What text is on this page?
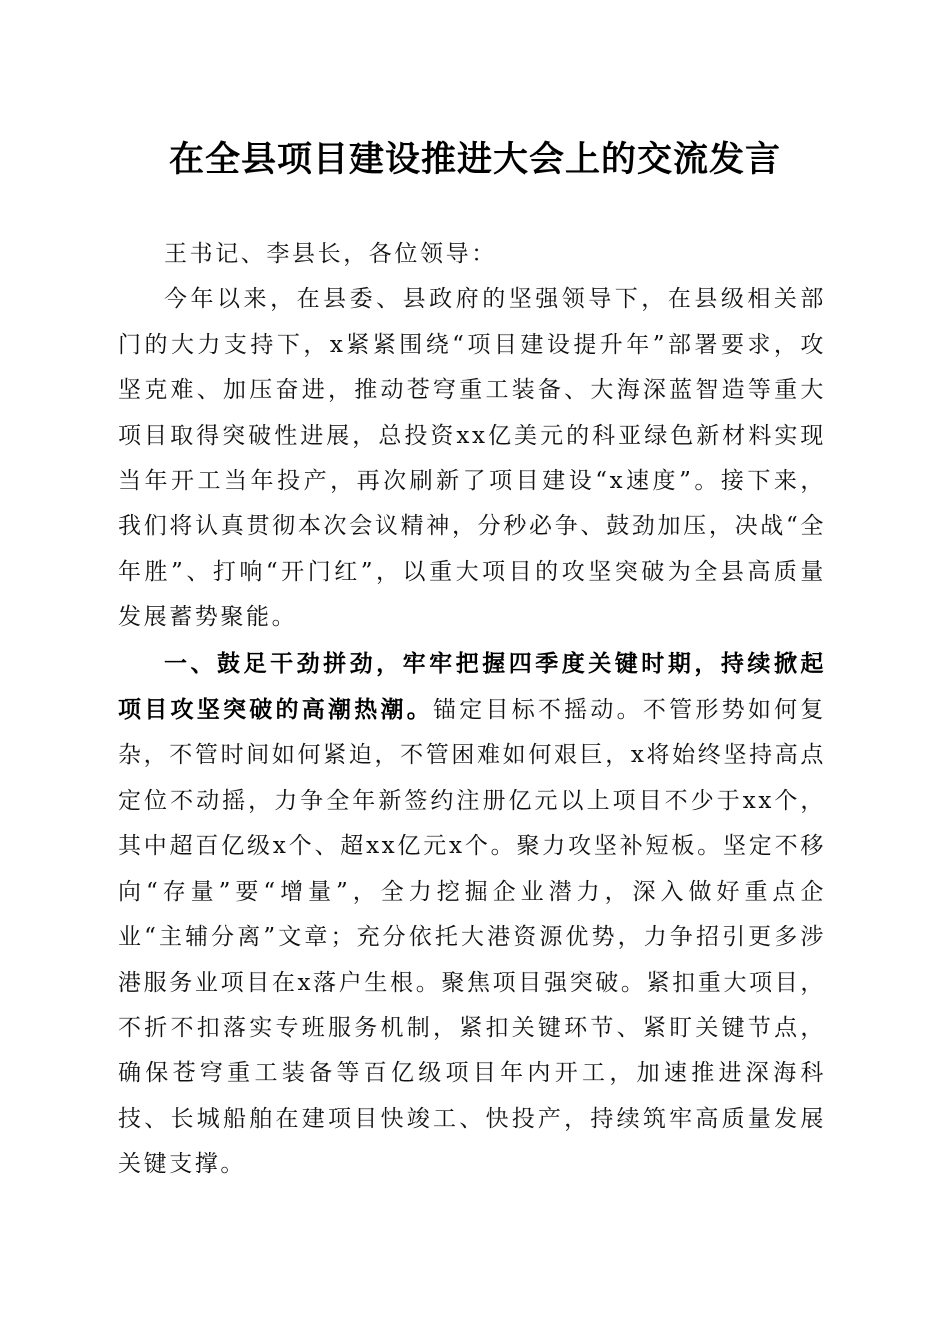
在全县项目建设推进大会上的交流发言

王书记、李县长，各位领导：

今年以来，在县委、县政府的坚强领导下，在县级相关部门的大力支持下，x紧紧围绕“项目建设提升年”部署要求，攻坚克难、加压奋进，推动苍穹重工装备、大海深蓝智造等重大项目取得突破性进展，总投资xx亿美元的科亚绿色新材料实现当年开工当年投产，再次刷新了项目建设“x速度”。接下来，我们将认真贯彻本次会议精神，分秒必争、鼓劲加压，决战“全年胜”、打响“开门红”，以重大项目的攻坚突破为全县高质量发展蓄势聚能。

一、鼓足干劲拼劲，牢牢把握四季度关键时期，持续掀起项目攻坚突破的高潮热潮。锚定目标不摇动。不管形势如何复杂，不管时间如何紧迫，不管困难如何艰巨，x将始终坚持高点定位不动摇，力争全年新签约注册亿元以上项目不少于xx个，其中超百亿级x个、超xx亿元x个。聚力攻坚补短板。坚定不移向“存量”要“增量”，全力挖掘企业潜力，深入做好重点企业“主辅分离”文章；充分依托大港资源优势，力争招引更多涉港服务业项目在x落户生根。聚焦项目强突破。紧扣重大项目，不折不扣落实专班服务机制，紧扣关键环节、紧盯关键节点，确保苍穹重工装备等百亿级项目年内开工，加速推进深海科技、长城船舶在建项目快竣工、快投产，持续筑牢高质量发展关键支撑。
